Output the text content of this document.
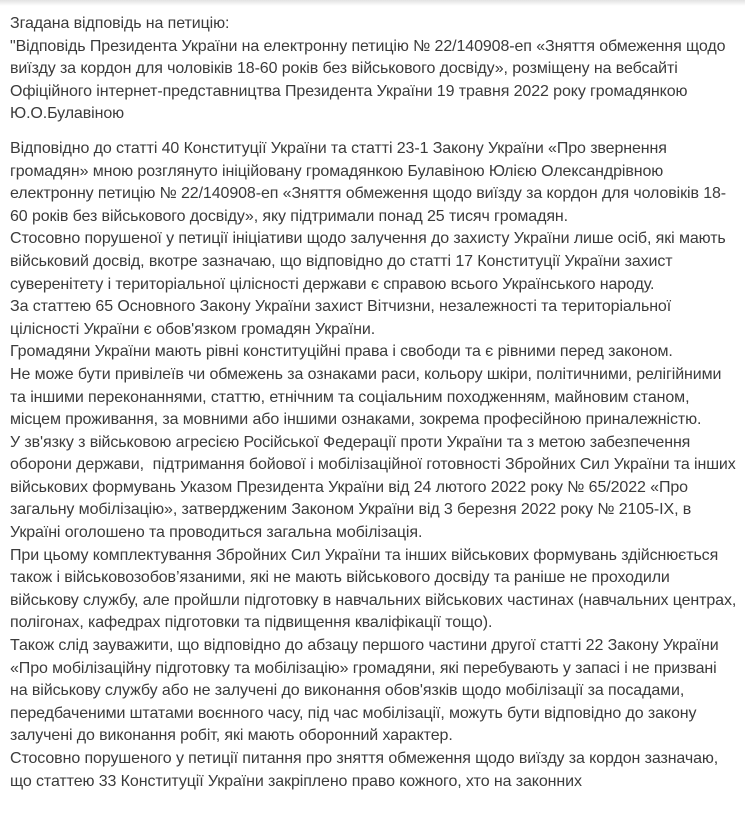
Згадана відповідь на петицію:

"Відповідь Президента України на електронну петицію № 22/140908-еп «Зняття обмеження щодо виїзду за кордон для чоловіків 18-60 років без військового досвіду», розміщену на вебсайті Офіційного інтернет-представництва Президента України 19 травня 2022 року громадянкою Ю.О.Булавіною

Відповідно до статті 40 Конституції України та статті 23-1 Закону України «Про звернення громадян» мною розглянуто ініційовану громадянкою Булавіною Юлією Олександрівною електронну петицію № 22/140908-еп «Зняття обмеження щодо виїзду за кордон для чоловіків 18-60 років без військового досвіду», яку підтримали понад 25 тисяч громадян.

Стосовно порушеної у петиції ініціативи щодо залучення до захисту України лише осіб, які мають військовий досвід, вкотре зазначаю, що відповідно до статті 17 Конституції України захист суверенітету і територіальної цілісності держави є справою всього Українського народу.

За статтею 65 Основного Закону України захист Вітчизни, незалежності та територіальної цілісності України є обов'язком громадян України.

Громадяни України мають рівні конституційні права і свободи та є рівними перед законом.

Не може бути привілеїв чи обмежень за ознаками раси, кольору шкіри, політичними, релігійними та іншими переконаннями, статтю, етнічним та соціальним походженням, майновим станом, місцем проживання, за мовними або іншими ознаками, зокрема професійною приналежністю.

У зв'язку з військовою агресією Російської Федерації проти України та з метою забезпечення оборони держави,  підтримання бойової і мобілізаційної готовності Збройних Сил України та інших військових формувань Указом Президента України від 24 лютого 2022 року № 65/2022 «Про загальну мобілізацію», затвердженим Законом України від 3 березня 2022 року № 2105-IX, в Україні оголошено та проводиться загальна мобілізація.

При цьому комплектування Збройних Сил України та інших військових формувань здійснюється також і військовозобов’язаними, які не мають військового досвіду та раніше не проходили військову службу, але пройшли підготовку в навчальних військових частинах (навчальних центрах, полігонах, кафедрах підготовки та підвищення кваліфікації тощо).

Також слід зауважити, що відповідно до абзацу першого частини другої статті 22 Закону України «Про мобілізаційну підготовку та мобілізацію» громадяни, які перебувають у запасі і не призвані на військову службу або не залучені до виконання обов'язків щодо мобілізації за посадами, передбаченими штатами воєнного часу, під час мобілізації, можуть бути відповідно до закону залучені до виконання робіт, які мають оборонний характер.

Стосовно порушеного у петиції питання про зняття обмеження щодо виїзду за кордон зазначаю, що статтею 33 Конституції України закріплено право кожного, хто на законних
